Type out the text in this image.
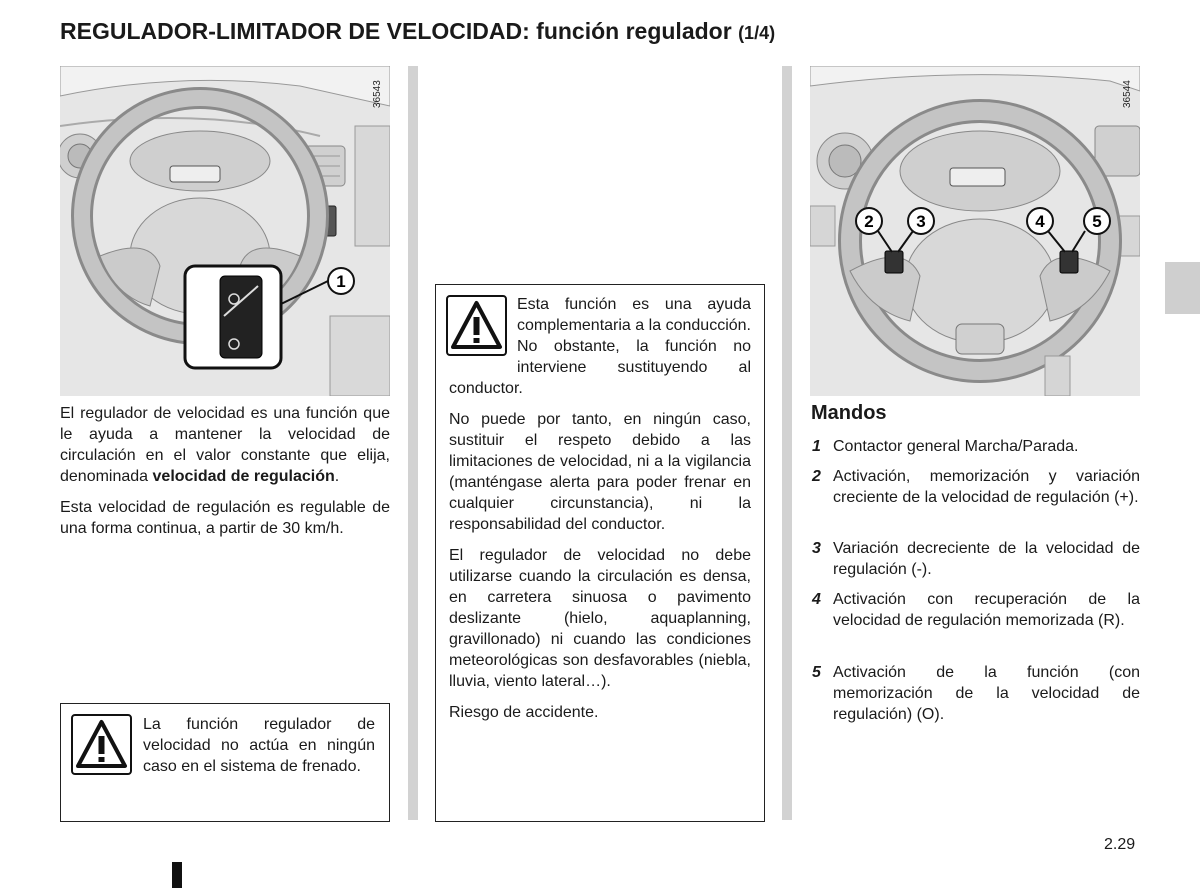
REGULADOR-LIMITADOR DE VELOCIDAD: función regulador (1/4)
1
36543

El regulador de velocidad es una función que le ayuda a mantener la velocidad de circulación en el valor constante que elija, denominada velocidad de regulación.

Esta velocidad de regulación es regulable de una forma continua, a partir de 30 km/h.

La función regulador de velocidad no actúa en ningún caso en el sistema de frenado.

Esta función es una ayuda complementaria a la conducción. No obstante, la función no interviene sustituyendo al conductor.

No puede por tanto, en ningún caso, sustituir el respeto debido a las limitaciones de velocidad, ni a la vigilancia (manténgase alerta para poder frenar en cualquier circunstancia), ni la responsabilidad del conductor.

El regulador de velocidad no debe utilizarse cuando la circulación es densa, en carretera sinuosa o pavimento deslizante (hielo, aquaplanning, gravillonado) ni cuando las condiciones meteorológicas son desfavorables (niebla, lluvia, viento lateral…).

Riesgo de accidente.

2	3	4	5
36544
Mandos
1 Contactor general Marcha/Parada.
2 Activación, memorización y variación creciente de la velocidad de regulación (+).
3 Variación decreciente de la velocidad de regulación (-).
4 Activación con recuperación de la velocidad de regulación memorizada (R).
5 Activación de la función (con memorización de la velocidad de regulación) (O).
2.29
